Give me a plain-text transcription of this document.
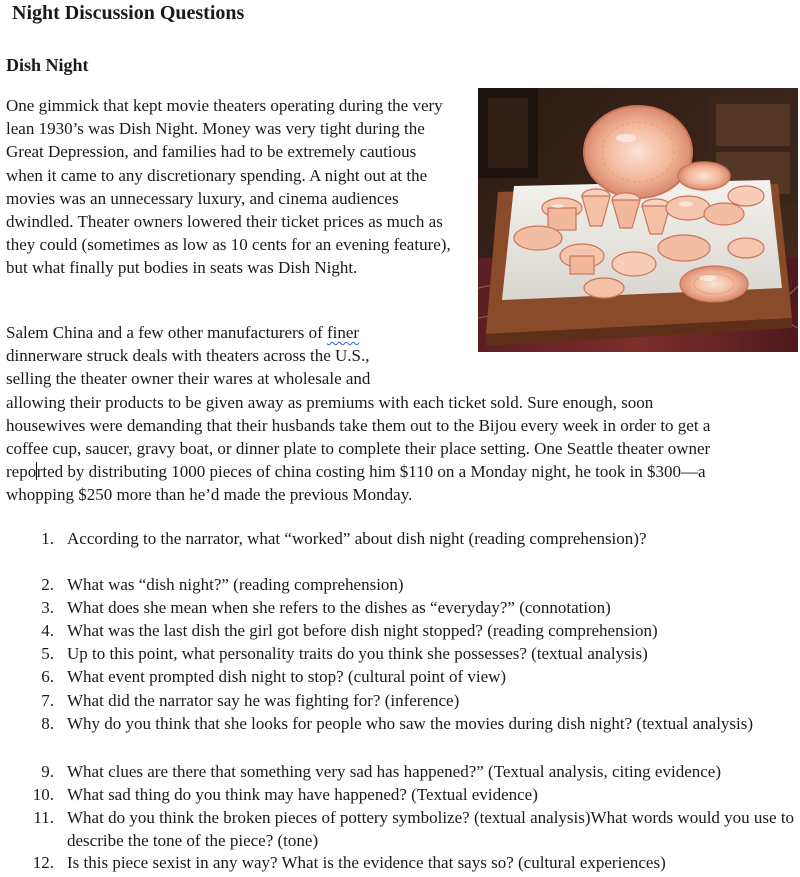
Night Discussion Questions
Dish Night

One gimmick that kept movie theaters operating during the very lean 1930’s was Dish Night. Money was very tight during the Great Depression, and families had to be extremely cautious when it came to any discretionary spending. A night out at the movies was an unnecessary luxury, and cinema audiences dwindled. Theater owners lowered their ticket prices as much as they could (sometimes as low as 10 cents for an evening feature), but what finally put bodies in seats was Dish Night.

Salem China and a few other manufacturers of finer
dinnerware struck deals with theaters across the U.S.,
selling the theater owner their wares at wholesale and
allowing their products to be given away as premiums with each ticket sold. Sure enough, soon
housewives were demanding that their husbands take them out to the Bijou every week in order to get a
coffee cup, saucer, gravy boat, or dinner plate to complete their place setting. One Seattle theater owner
reported by distributing 1000 pieces of china costing him $110 on a Monday night, he took in $300—a
whopping $250 more than he’d made the previous Monday.

1. According to the narrator, what “worked” about dish night (reading comprehension)?
2. What was “dish night?” (reading comprehension)
3. What does she mean when she refers to the dishes as “everyday?” (connotation)
4. What was the last dish the girl got before dish night stopped? (reading comprehension)
5. Up to this point, what personality traits do you think she possesses? (textual analysis)
6. What event prompted dish night to stop? (cultural point of view)
7. What did the narrator say he was fighting for? (inference)
8. Why do you think that she looks for people who saw the movies during dish night? (textual analysis)
9. What clues are there that something very sad has happened?” (Textual analysis, citing evidence)
10. What sad thing do you think may have happened? (Textual evidence)
11. What do you think the broken pieces of pottery symbolize? (textual analysis)What words would you use to describe the tone of the piece? (tone)
12. Is this piece sexist in any way? What is the evidence that says so? (cultural experiences)
